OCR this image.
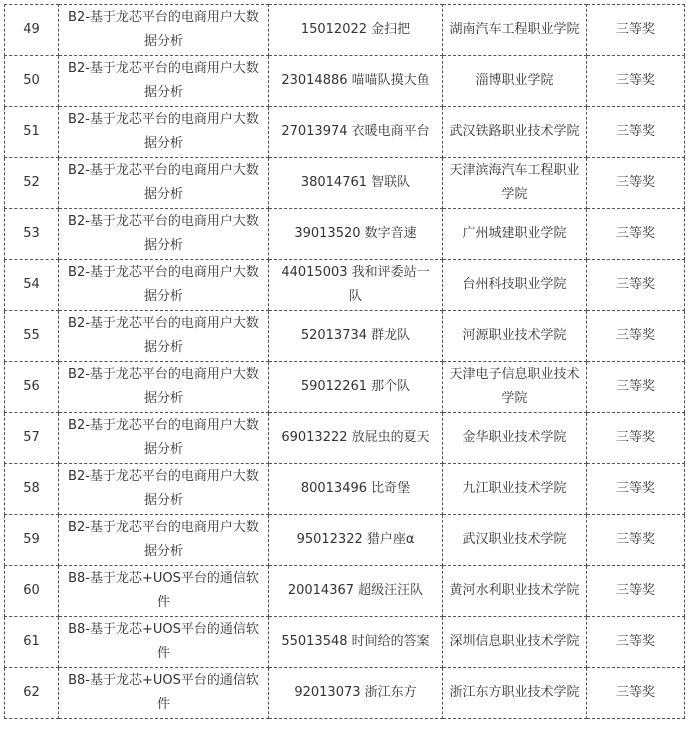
49	B2-基于龙芯平台的电商用户大数据分析	15012022 金扫把	湖南汽车工程职业学院	三等奖
50	B2-基于龙芯平台的电商用户大数据分析	23014886 喵喵队摸大鱼	淄博职业学院	三等奖
51	B2-基于龙芯平台的电商用户大数据分析	27013974 衣暖电商平台	武汉铁路职业技术学院	三等奖
52	B2-基于龙芯平台的电商用户大数据分析	38014761 智联队	天津滨海汽车工程职业学院	三等奖
53	B2-基于龙芯平台的电商用户大数据分析	39013520 数字音速	广州城建职业学院	三等奖
54	B2-基于龙芯平台的电商用户大数据分析	44015003 我和评委站一队	台州科技职业学院	三等奖
55	B2-基于龙芯平台的电商用户大数据分析	52013734 群龙队	河源职业技术学院	三等奖
56	B2-基于龙芯平台的电商用户大数据分析	59012261 那个队	天津电子信息职业技术学院	三等奖
57	B2-基于龙芯平台的电商用户大数据分析	69013222 放屁虫的夏天	金华职业技术学院	三等奖
58	B2-基于龙芯平台的电商用户大数据分析	80013496 比奇堡	九江职业技术学院	三等奖
59	B2-基于龙芯平台的电商用户大数据分析	95012322 猎户座α	武汉职业技术学院	三等奖
60	B8-基于龙芯+UOS平台的通信软件	20014367 超级汪汪队	黄河水利职业技术学院	三等奖
61	B8-基于龙芯+UOS平台的通信软件	55013548 时间给的答案	深圳信息职业技术学院	三等奖
62	B8-基于龙芯+UOS平台的通信软件	92013073 浙江东方	浙江东方职业技术学院	三等奖
